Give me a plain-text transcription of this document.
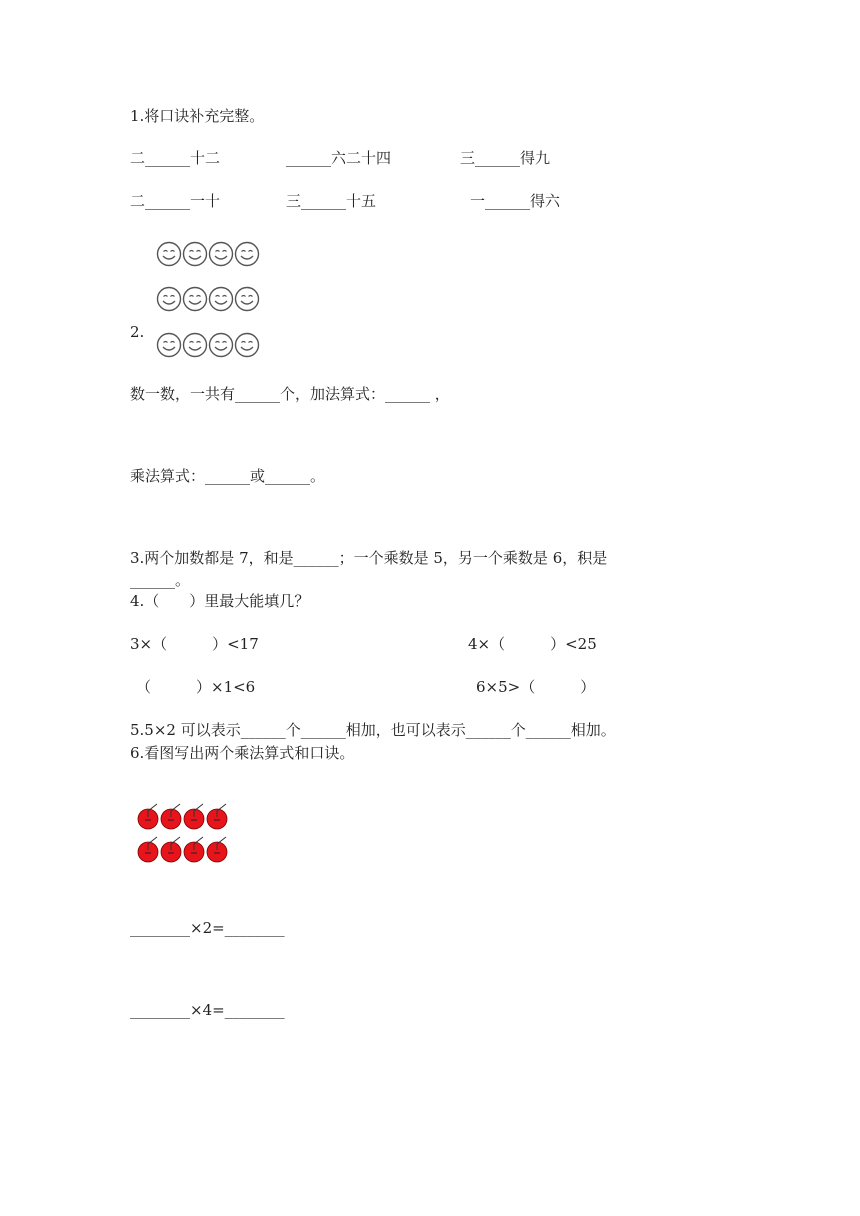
1.将口诀补充完整。
二______十二	______六二十四	三______得九
二______一十	三______十五	一______得六
2.
数一数，一共有______个，加法算式：______ ，
乘法算式：______或______。
3.两个加数都是 7，和是______；一个乘数是 5，另一个乘数是 6，积是
______。
4.（　　）里最大能填几？
3×（　　　）<17	4×（　　　）<25
（　　　）×1<6	6×5>（　　　）
5.5×2 可以表示______个______相加，也可以表示______个______相加。
6.看图写出两个乘法算式和口诀。
________×2=________
________×4=________
